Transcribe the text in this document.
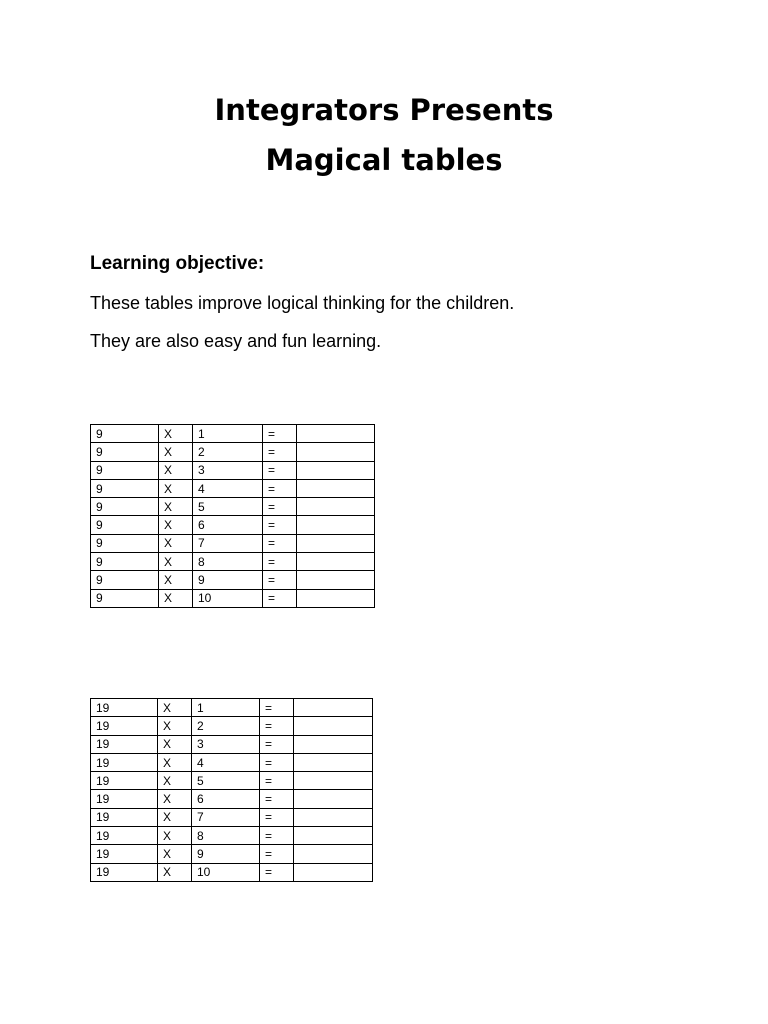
Integrators Presents
Magical tables
Learning objective:

These tables improve logical thinking for the children.

They are also easy and fun learning.

9	X	1	=	
9	X	2	=	
9	X	3	=	
9	X	4	=	
9	X	5	=	
9	X	6	=	
9	X	7	=	
9	X	8	=	
9	X	9	=	
9	X	10	=	
19	X	1	=	
19	X	2	=	
19	X	3	=	
19	X	4	=	
19	X	5	=	
19	X	6	=	
19	X	7	=	
19	X	8	=	
19	X	9	=	
19	X	10	=	
